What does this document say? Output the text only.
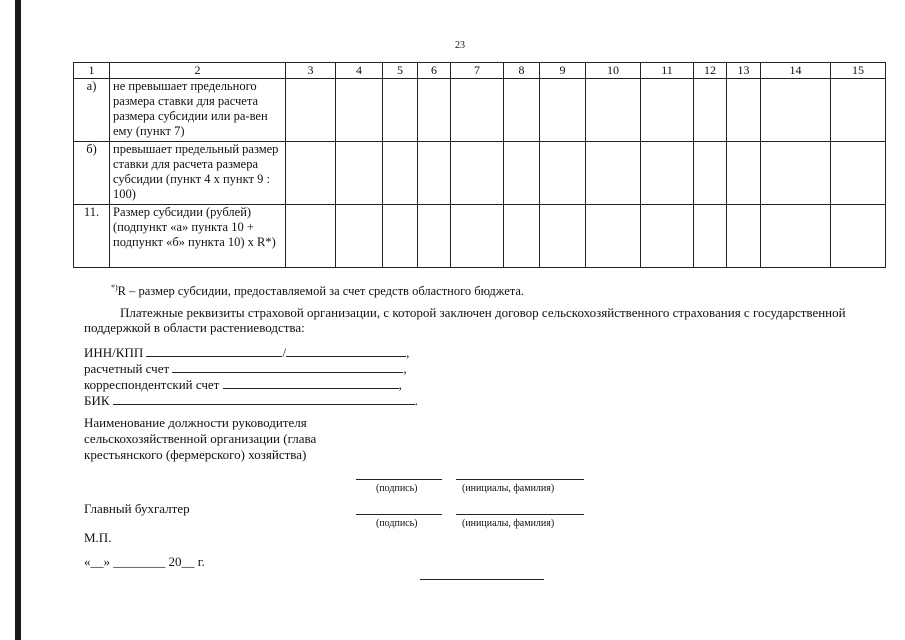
23
1	2	3	4	5	6	7	8	9	10	11	12	13	14	15
а)	не превышает предельного размера ставки для расчета размера субсидии или ра-вен ему (пункт 7)													
б)	превышает предельный размер ставки для расчета размера субсидии (пункт 4 х пункт 9 : 100)													
11.	Размер субсидии (рублей) (подпункт «а» пункта 10 + подпункт «б» пункта 10) х R*)													
*)R – размер субсидии, предоставляемой за счет средств областного бюджета.
Платежные реквизиты страховой организации, с которой заключен договор сельскохозяйственного страхования с государственной поддержкой в области растениеводства:
ИНН/КПП	/	,
расчетный счет	,
корреспондентский счет	,
БИК	.
Наименование должности руководителя сельскохозяйственной организации (глава крестьянского (фермерского) хозяйства)
(подпись)	(инициалы, фамилия)
Главный бухгалтер
(подпись)	(инициалы, фамилия)
М.П.
«__» ________ 20__ г.
